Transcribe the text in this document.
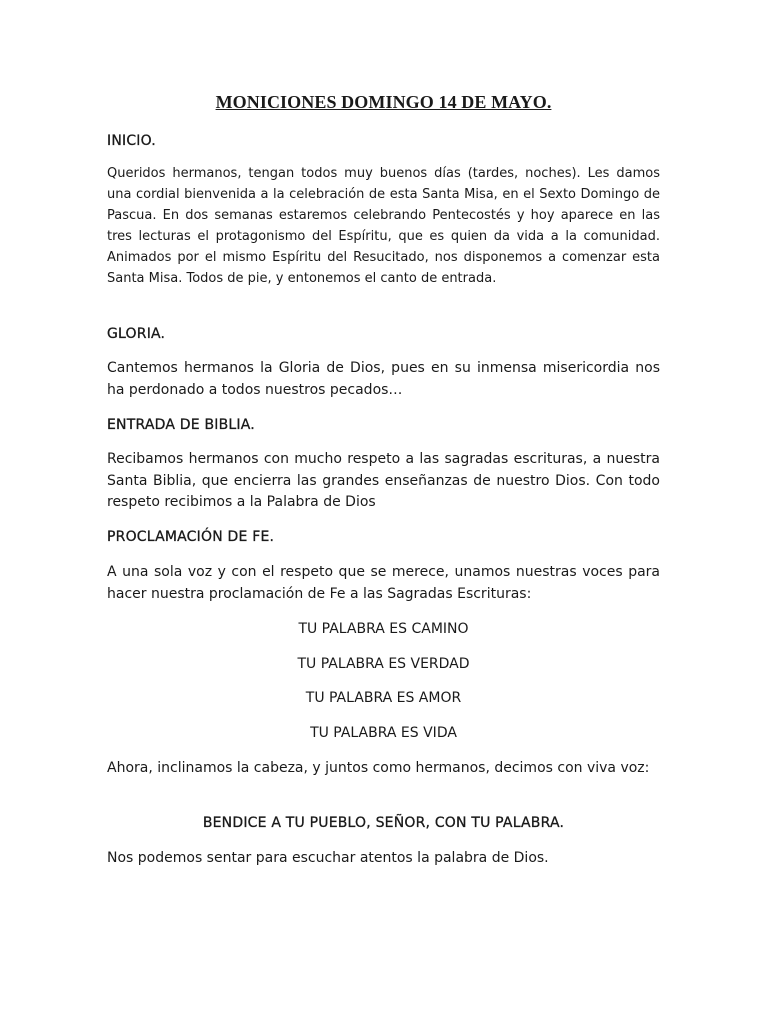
MONICIONES DOMINGO 14 DE MAYO.
INICIO.

Queridos hermanos, tengan todos muy buenos días (tardes, noches). Les damos una cordial bienvenida a la celebración de esta Santa Misa, en el Sexto Domingo de Pascua. En dos semanas estaremos celebrando Pentecostés y hoy aparece en las tres lecturas el protagonismo del Espíritu, que es quien da vida a la comunidad. Animados por el mismo Espíritu del Resucitado, nos disponemos a comenzar esta Santa Misa. Todos de pie, y entonemos el canto de entrada.

GLORIA.

Cantemos hermanos la Gloria de Dios, pues en su inmensa misericordia nos ha perdonado a todos nuestros pecados…

ENTRADA DE BIBLIA.

Recibamos hermanos con mucho respeto a las sagradas escrituras, a nuestra Santa Biblia, que encierra las grandes enseñanzas de nuestro Dios. Con todo respeto recibimos a la Palabra de Dios

PROCLAMACIÓN DE FE.

A una sola voz y con el respeto que se merece, unamos nuestras voces para hacer nuestra proclamación de Fe a las Sagradas Escrituras:

TU PALABRA ES CAMINO

TU PALABRA ES VERDAD

TU PALABRA ES AMOR

TU PALABRA ES VIDA

Ahora, inclinamos la cabeza, y juntos como hermanos, decimos con viva voz:

BENDICE A TU PUEBLO, SEÑOR, CON TU PALABRA.

Nos podemos sentar para escuchar atentos la palabra de Dios.
